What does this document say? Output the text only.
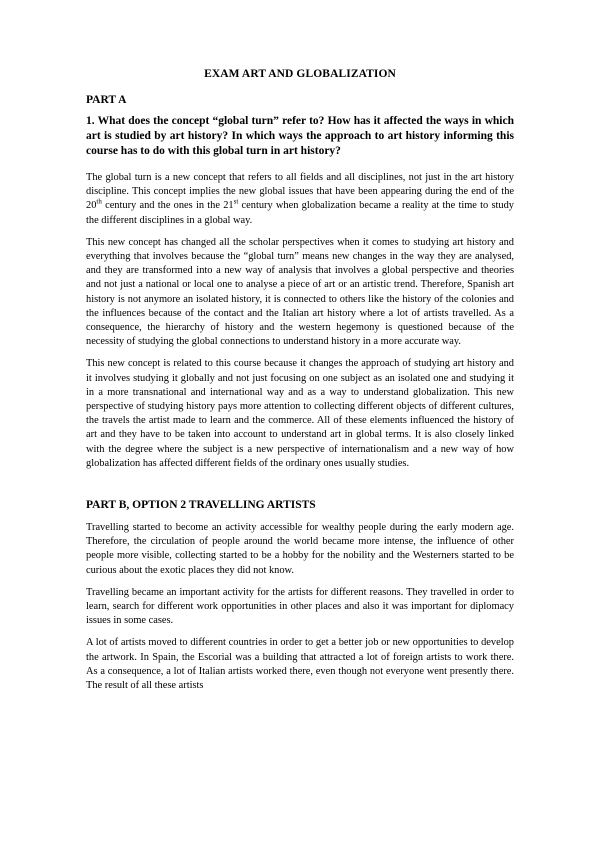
EXAM ART AND GLOBALIZATION
PART A
1. What does the concept “global turn” refer to? How has it affected the ways in which art is studied by art history? In which ways the approach to art history informing this course has to do with this global turn in art history?

The global turn is a new concept that refers to all fields and all disciplines, not just in the art history discipline. This concept implies the new global issues that have been appearing during the end of the 20th century and the ones in the 21st century when globalization became a reality at the time to study the different disciplines in a global way.

This new concept has changed all the scholar perspectives when it comes to studying art history and everything that involves because the “global turn” means new changes in the way they are analysed, and they are transformed into a new way of analysis that involves a global perspective and theories and not just a national or local one to analyse a piece of art or an artistic trend. Therefore, Spanish art history is not anymore an isolated history, it is connected to others like the history of the colonies and the influences because of the contact and the Italian art history where a lot of artists travelled. As a consequence, the hierarchy of history and the western hegemony is questioned because of the necessity of studying the global connections to understand history in a more accurate way.

This new concept is related to this course because it changes the approach of studying art history and it involves studying it globally and not just focusing on one subject as an isolated one and studying it in a more transnational and international way and as a way to understand globalization. This new perspective of studying history pays more attention to collecting different objects of different cultures, the travels the artist made to learn and the commerce. All of these elements influenced the history of art and they have to be taken into account to understand art in global terms. It is also closely linked with the degree where the subject is a new perspective of internationalism and a new way of how globalization has affected different fields of the ordinary ones usually studies.

PART B, OPTION 2 TRAVELLING ARTISTS

Travelling started to become an activity accessible for wealthy people during the early modern age. Therefore, the circulation of people around the world became more intense, the influence of other people more visible, collecting started to be a hobby for the nobility and the Westerners started to be curious about the exotic places they did not know.

Travelling became an important activity for the artists for different reasons. They travelled in order to learn, search for different work opportunities in other places and also it was important for diplomacy issues in some cases.

A lot of artists moved to different countries in order to get a better job or new opportunities to develop the artwork. In Spain, the Escorial was a building that attracted a lot of foreign artists to work there. As a consequence, a lot of Italian artists worked there, even though not everyone went presently there. The result of all these artists
